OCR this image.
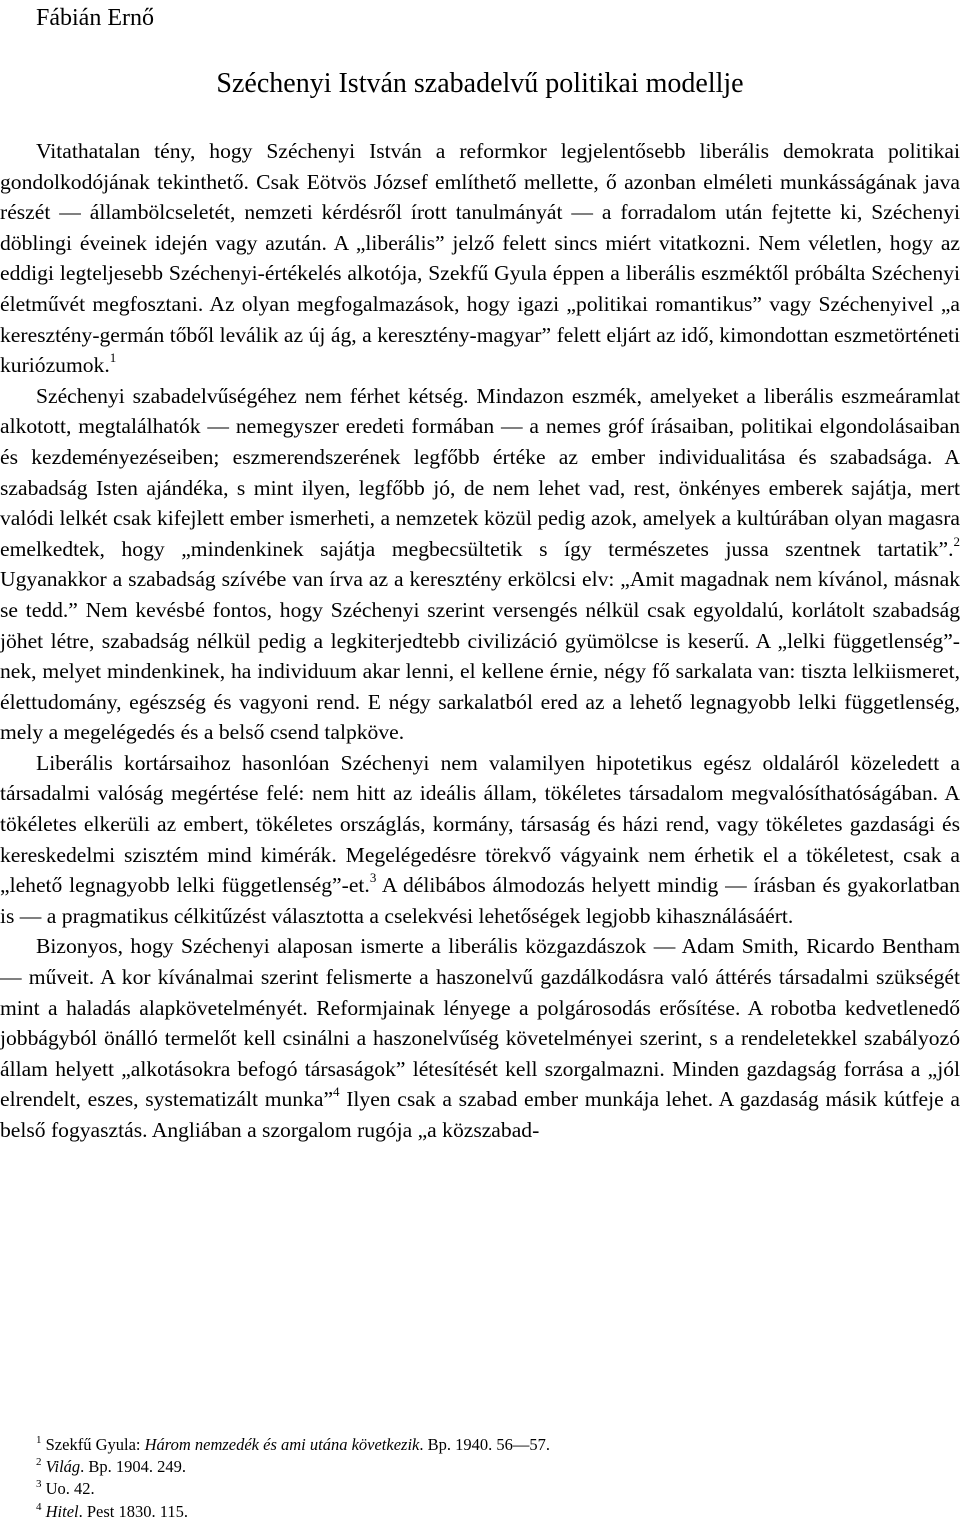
Fábián Ernő
Széchenyi István szabadelvű politikai modellje

Vitathatalan tény, hogy Széchenyi István a reformkor legjelentősebb liberális demokrata politikai gondolkodójának tekinthető. Csak Eötvös József említhető mellette, ő azonban elméleti munkásságának java részét — állambölcseletét, nemzeti kérdésről írott tanulmányát — a forradalom után fejtette ki, Széchenyi döblingi éveinek idején vagy azután. A „liberális” jelző felett sincs miért vitatkozni. Nem véletlen, hogy az eddigi legteljesebb Széchenyi-értékelés alkotója, Szekfű Gyula éppen a liberális eszméktől próbálta Széchenyi életművét megfosztani. Az olyan megfogalmazások, hogy igazi „politikai romantikus” vagy Széchenyivel „a keresztény-germán tőből leválik az új ág, a keresztény-magyar” felett eljárt az idő, kimondottan eszmetörténeti kuriózumok.$^1$

Széchenyi szabadelvűségéhez nem férhet kétség. Mindazon eszmék, amelyeket a liberális eszmeáramlat alkotott, megtalálhatók — nemegyszer eredeti formában — a nemes gróf írásaiban, politikai elgondolásaiban és kezdeményezéseiben; eszmerendszerének legfőbb értéke az ember individualitása és szabadsága. A szabadság Isten ajándéka, s mint ilyen, legfőbb jó, de nem lehet vad, rest, önkényes emberek sajátja, mert valódi lelkét csak kifejlett ember ismerheti, a nemzetek közül pedig azok, amelyek a kultúrában olyan magasra emelkedtek, hogy „mindenkinek sajátja megbecsültetik s így természetes jussa szentnek tartatik”.$^2$ Ugyanakkor a szabadság szívébe van írva az a keresztény erkölcsi elv: „Amit magadnak nem kívánol, másnak se tedd.” Nem kevésbé fontos, hogy Széchenyi szerint versengés nélkül csak egyoldalú, korlátolt szabadság jöhet létre, szabadság nélkül pedig a legkiterjedtebb civilizáció gyümölcse is keserű. A „lelki függetlenség”-nek, melyet mindenkinek, ha individuum akar lenni, el kellene érnie, négy fő sarkalata van: tiszta lelkiismeret, élettudomány, egészség és vagyoni rend. E négy sarkalatból ered az a lehető legnagyobb lelki függetlenség, mely a megelégedés és a belső csend talpköve.

Liberális kortársaihoz hasonlóan Széchenyi nem valamilyen hipotetikus egész oldaláról közeledett a társadalmi valóság megértése felé: nem hitt az ideális állam, tökéletes társadalom megvalósíthatóságában. A tökéletes elkerüli az embert, tökéletes országlás, kormány, társaság és házi rend, vagy tökéletes gazdasági és kereskedelmi szisztém mind kimérák. Megelégedésre törekvő vágyaink nem érhetik el a tökéletest, csak a „lehető legnagyobb lelki függetlenség”-et.$^3$ A délibábos álmodozás helyett mindig — írásban és gyakorlatban is — a pragmatikus célkitűzést választotta a cselekvési lehetőségek legjobb kihasználásáért.

Bizonyos, hogy Széchenyi alaposan ismerte a liberális közgazdászok — Adam Smith, Ricardo Bentham — műveit. A kor kívánalmai szerint felismerte a haszonelvű gazdálkodásra való áttérés társadalmi szükségét mint a haladás alapkövetelményét. Reformjainak lényege a polgárosodás erősítése. A robotba kedvetlenedő jobbágyból önálló termelőt kell csinálni a haszonelvűség követelményei szerint, s a rendeletekkel szabályozó állam helyett „alkotásokra befogó társaságok” létesítését kell szorgalmazni. Minden gazdagság forrása a „jól elrendelt, eszes, systematizált munka”$^4$ Ilyen csak a szabad ember munkája lehet. A gazdaság másik kútfeje a belső fogyasztás. Angliában a szorgalom rugója „a közszabad-

$^1$ Szekfű Gyula: Három nemzedék és ami utána következik. Bp. 1940. 56—57.

$^2$ Világ. Bp. 1904. 249.

$^3$ Uo. 42.

$^4$ Hitel. Pest 1830. 115.
